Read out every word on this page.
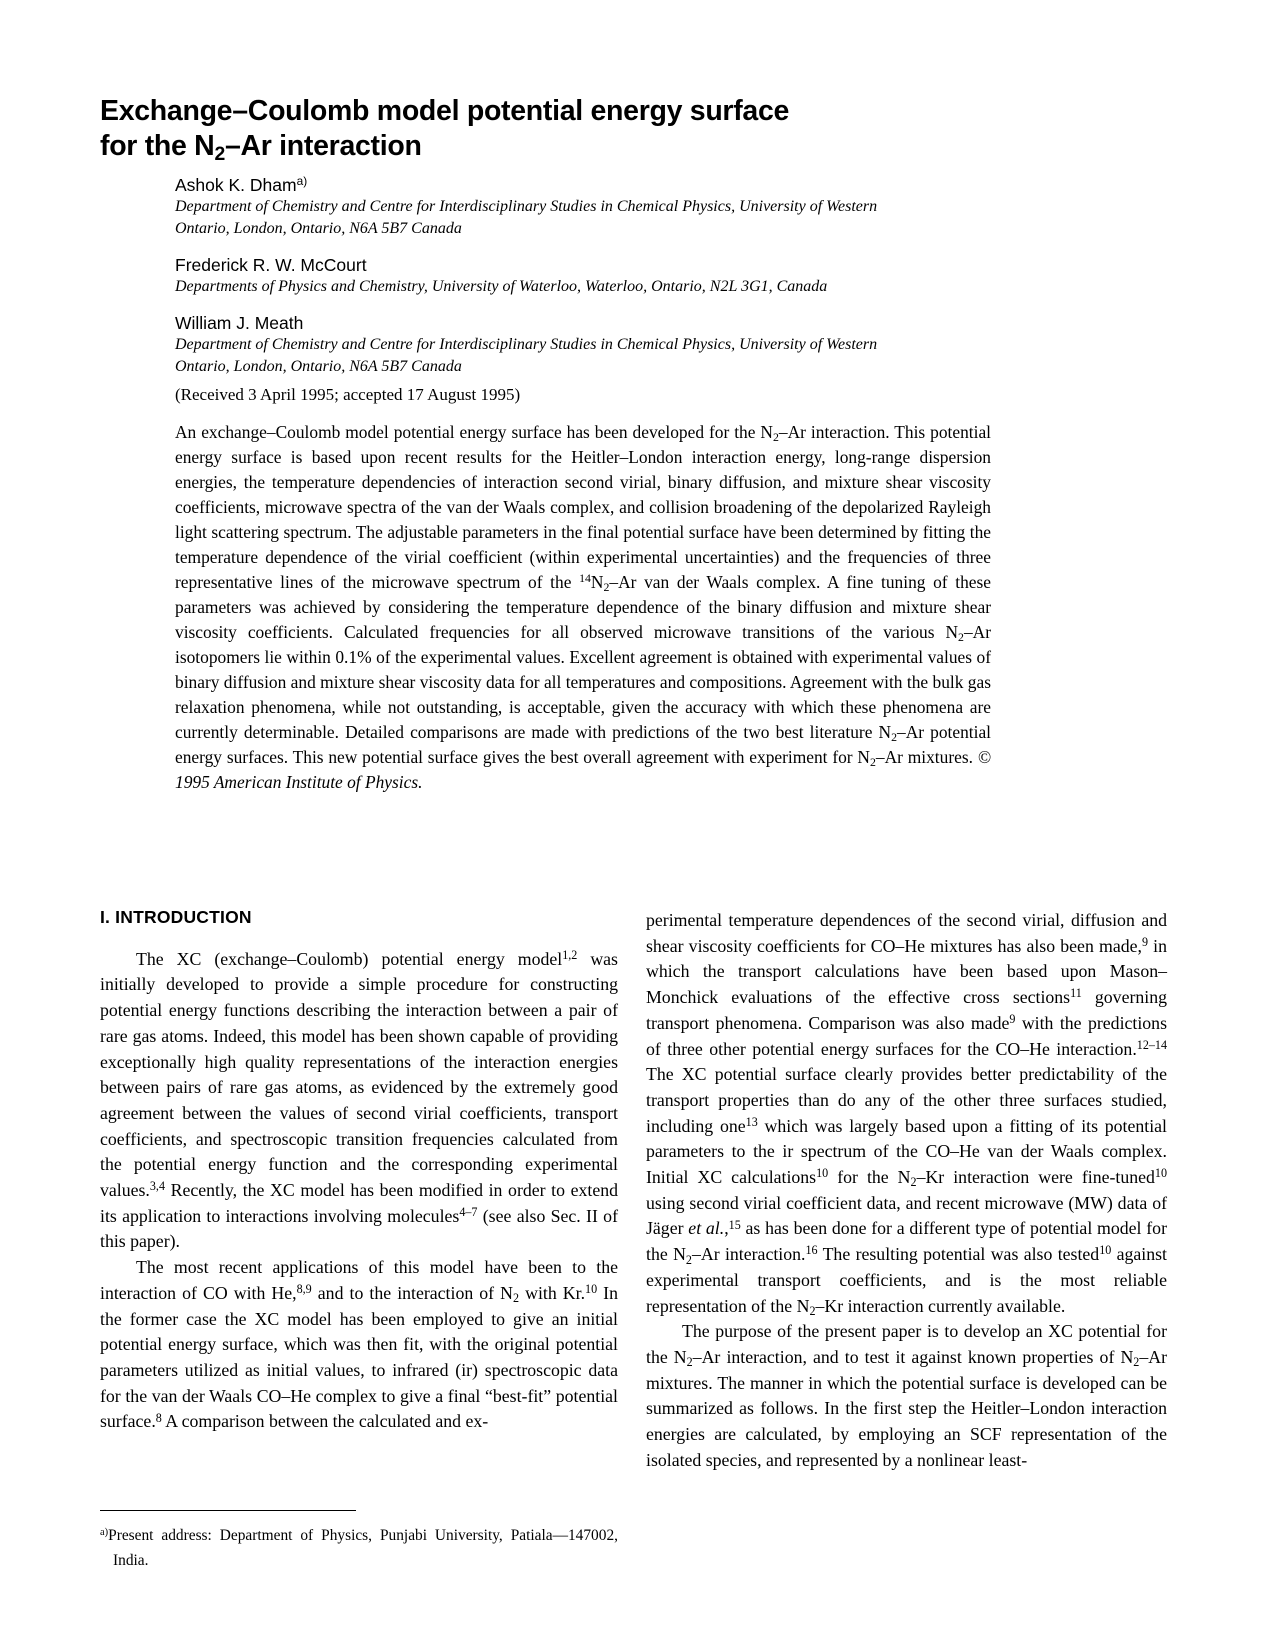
Exchange–Coulomb model potential energy surface
for the $N_2-Ar$ interaction
Ashok K. Dham$^{a)}$
Department of Chemistry and Centre for Interdisciplinary Studies in Chemical Physics, University of Western Ontario, London, Ontario, N6A 5B7 Canada
Frederick R. W. McCourt
Departments of Physics and Chemistry, University of Waterloo, Waterloo, Ontario, N2L 3G1, Canada
William J. Meath
Department of Chemistry and Centre for Interdisciplinary Studies in Chemical Physics, University of Western Ontario, London, Ontario, N6A 5B7 Canada

(Received 3 April 1995; accepted 17 August 1995)

An exchange–Coulomb model potential energy surface has been developed for the $N_2-Ar$ interaction. This potential energy surface is based upon recent results for the Heitler–London interaction energy, long-range dispersion energies, the temperature dependencies of interaction second virial, binary diffusion, and mixture shear viscosity coefficients, microwave spectra of the van der Waals complex, and collision broadening of the depolarized Rayleigh light scattering spectrum. The adjustable parameters in the final potential surface have been determined by fitting the temperature dependence of the virial coefficient (within experimental uncertainties) and the frequencies of three representative lines of the microwave spectrum of the $^{14}N_2-Ar$ van der Waals complex. A fine tuning of these parameters was achieved by considering the temperature dependence of the binary diffusion and mixture shear viscosity coefficients. Calculated frequencies for all observed microwave transitions of the various $N_2-Ar$ isotopomers lie within 0.1% of the experimental values. Excellent agreement is obtained with experimental values of binary diffusion and mixture shear viscosity data for all temperatures and compositions. Agreement with the bulk gas relaxation phenomena, while not outstanding, is acceptable, given the accuracy with which these phenomena are currently determinable. Detailed comparisons are made with predictions of the two best literature $N_2-Ar$ potential energy surfaces. This new potential surface gives the best overall agreement with experiment for $N_2-Ar$ mixtures. © 1995 American Institute of Physics.

I. INTRODUCTION

The XC (exchange–Coulomb) potential energy model$^{1,2}$ was initially developed to provide a simple procedure for constructing potential energy functions describing the interaction between a pair of rare gas atoms. Indeed, this model has been shown capable of providing exceptionally high quality representations of the interaction energies between pairs of rare gas atoms, as evidenced by the extremely good agreement between the values of second virial coefficients, transport coefficients, and spectroscopic transition frequencies calculated from the potential energy function and the corresponding experimental values.$^{3,4}$ Recently, the XC model has been modified in order to extend its application to interactions involving molecules$^{4-7}$ (see also Sec. II of this paper).

The most recent applications of this model have been to the interaction of CO with He,$^{8,9}$ and to the interaction of $N_2$ with Kr.$^{10}$ In the former case the XC model has been employed to give an initial potential energy surface, which was then fit, with the original potential parameters utilized as initial values, to infrared (ir) spectroscopic data for the van der Waals CO–He complex to give a final “best-fit” potential surface.$^8$ A comparison between the calculated and ex-

perimental temperature dependences of the second virial, diffusion and shear viscosity coefficients for CO–He mixtures has also been made,$^9$ in which the transport calculations have been based upon Mason–Monchick evaluations of the effective cross sections$^{11}$ governing transport phenomena. Comparison was also made$^9$ with the predictions of three other potential energy surfaces for the CO–He interaction.$^{12-14}$ The XC potential surface clearly provides better predictability of the transport properties than do any of the other three surfaces studied, including one$^{13}$ which was largely based upon a fitting of its potential parameters to the ir spectrum of the CO–He van der Waals complex. Initial XC calculations$^{10}$ for the $N_2-Kr$ interaction were fine-tuned$^{10}$ using second virial coefficient data, and recent microwave (MW) data of Jäger et al.,$^{15}$ as has been done for a different type of potential model for the $N_2-Ar$ interaction.$^{16}$ The resulting potential was also tested$^{10}$ against experimental transport coefficients, and is the most reliable representation of the $N_2-Kr$ interaction currently available.

The purpose of the present paper is to develop an XC potential for the $N_2-Ar$ interaction, and to test it against known properties of $N_2-Ar$ mixtures. The manner in which the potential surface is developed can be summarized as follows. In the first step the Heitler–London interaction energies are calculated, by employing an SCF representation of the isolated species, and represented by a nonlinear least-

$^{a)}$Present address: Department of Physics, Punjabi University, Patiala—147002, India.
